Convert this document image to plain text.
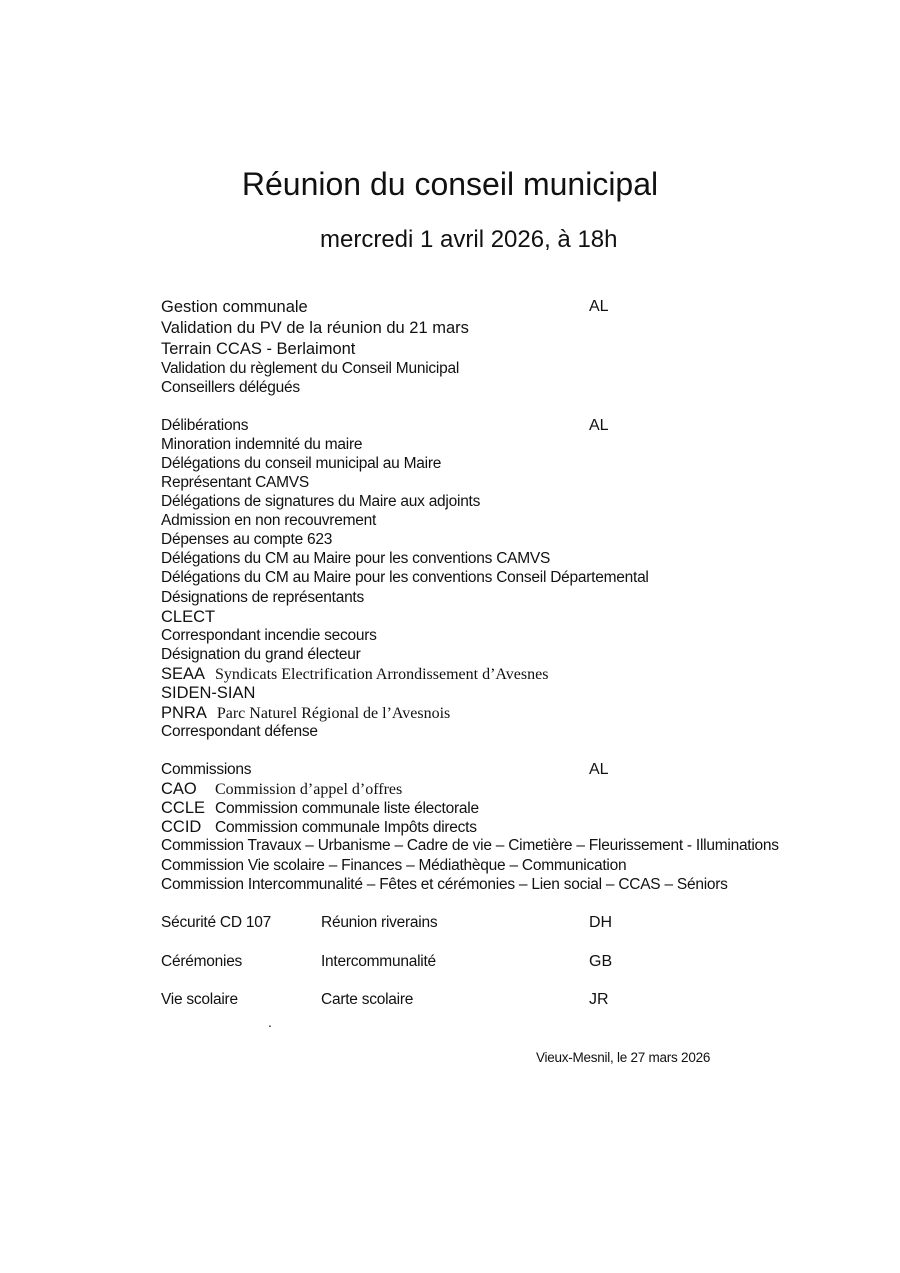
Réunion du conseil municipal
mercredi 1 avril 2026, à 18h
Gestion communale	AL
Validation du PV de la réunion du 21 mars
Terrain CCAS - Berlaimont
Validation du règlement du Conseil Municipal
Conseillers délégués
Délibérations	AL
Minoration indemnité du maire
Délégations du conseil municipal au Maire
Représentant CAMVS
Délégations de signatures du Maire aux adjoints
Admission en non recouvrement
Dépenses au compte 623
Délégations du CM au Maire pour les conventions CAMVS
Délégations du CM au Maire pour les conventions Conseil Départemental
Désignations de représentants
CLECT
Correspondant incendie secours
Désignation du grand électeur
SEAA Syndicats Electrification Arrondissement d’Avesnes
SIDEN-SIAN
PNRA Parc Naturel Régional de l’Avesnois
Correspondant défense
Commissions	AL
CAO Commission d’appel d’offres
CCLE Commission communale liste électorale
CCID Commission communale Impôts directs
Commission Travaux – Urbanisme – Cadre de vie – Cimetière – Fleurissement - Illuminations
Commission Vie scolaire – Finances – Médiathèque – Communication
Commission Intercommunalité – Fêtes et cérémonies – Lien social – CCAS – Séniors
Sécurité CD 107	Réunion riverains	DH
Cérémonies	Intercommunalité	GB
Vie scolaire	Carte scolaire	JR
.
Vieux-Mesnil, le 27 mars 2026
